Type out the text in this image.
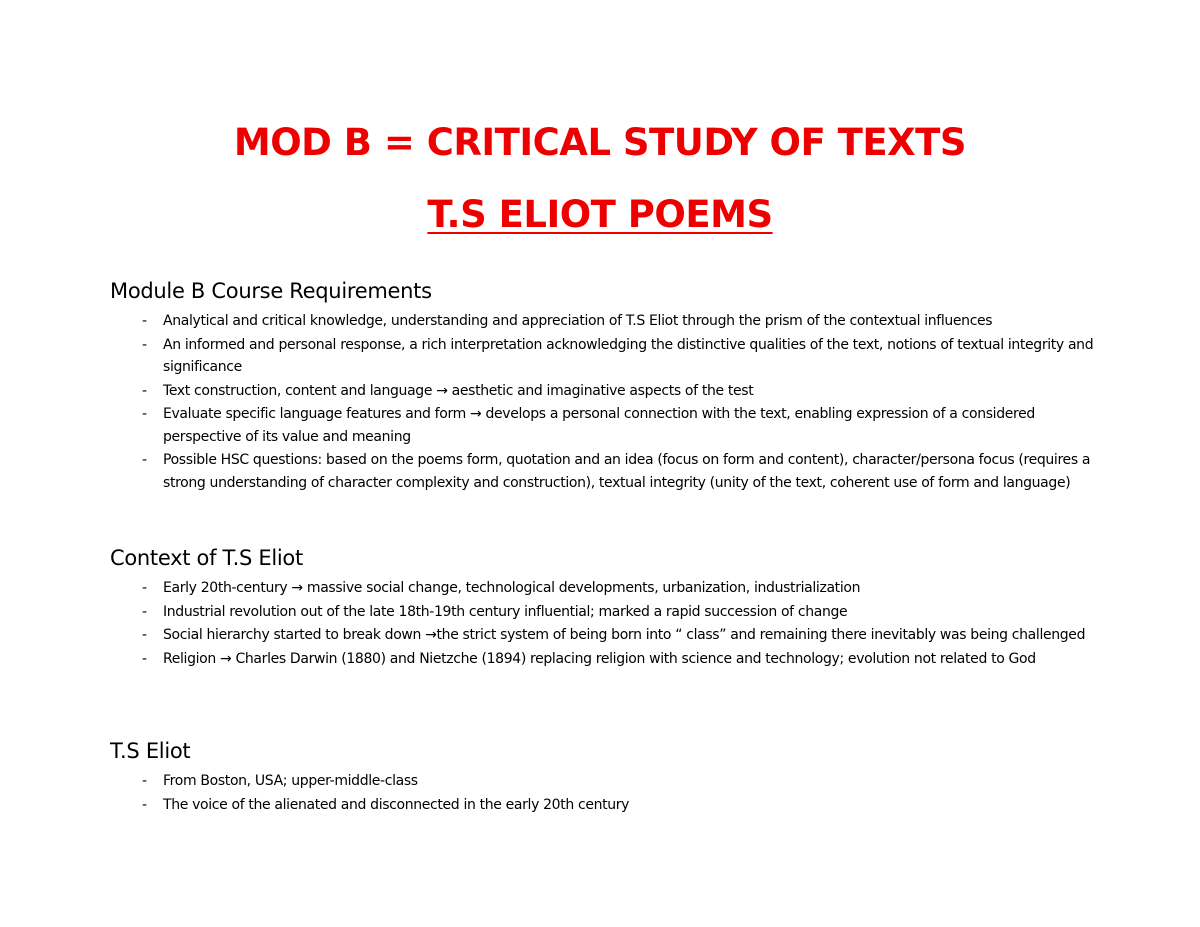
MOD B = CRITICAL STUDY OF TEXTS
T.S ELIOT POEMS
Module B Course Requirements
- Analytical and critical knowledge, understanding and appreciation of T.S Eliot through the prism of the contextual influences
- An informed and personal response, a rich interpretation acknowledging the distinctive qualities of the text, notions of textual integrity and significance
- Text construction, content and language → aesthetic and imaginative aspects of the test
- Evaluate specific language features and form → develops a personal connection with the text, enabling expression of a considered perspective of its value and meaning
- Possible HSC questions: based on the poems form, quotation and an idea (focus on form and content), character/persona focus (requires a strong understanding of character complexity and construction), textual integrity (unity of the text, coherent use of form and language)
Context of T.S Eliot
- Early 20th-century → massive social change, technological developments, urbanization, industrialization
- Industrial revolution out of the late 18th-19th century influential; marked a rapid succession of change
- Social hierarchy started to break down →the strict system of being born into “ class” and remaining there inevitably was being challenged
- Religion → Charles Darwin (1880) and Nietzche (1894) replacing religion with science and technology; evolution not related to God
T.S Eliot
- From Boston, USA; upper-middle-class
- The voice of the alienated and disconnected in the early 20th century
